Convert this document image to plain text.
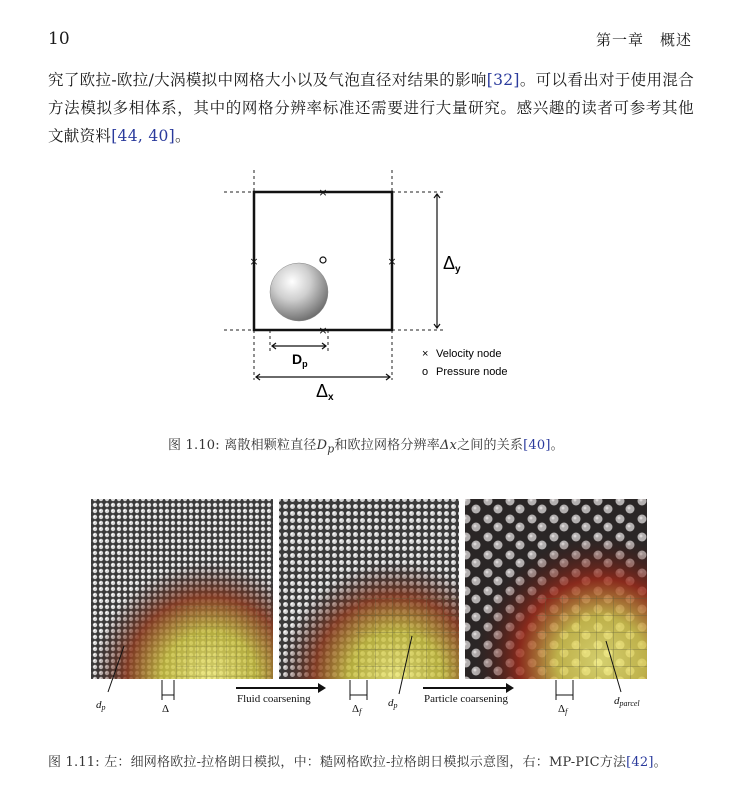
10	第一章　概述
究了欧拉-欧拉/大涡模拟中网格大小以及气泡直径对结果的影响[32]。可以看出对于使用混合方法模拟多相体系，其中的网格分辨率标准还需要进行大量研究。感兴趣的读者可参考其他文献资料[44, 40]。
×
×	×
×
$D_p$
Δx
Δy
× Velocity node
o Pressure node
图 1.10: 离散相颗粒直径$D_p$和欧拉网格分辨率Δx之间的关系[40]。
Fluid coarsening	Particle coarsening
dp	Δ	Δf
dp	Δf
dparcel
图 1.11: 左：细网格欧拉-拉格朗日模拟，中：糙网格欧拉-拉格朗日模拟示意图，右：MP-PIC方法[42]。
